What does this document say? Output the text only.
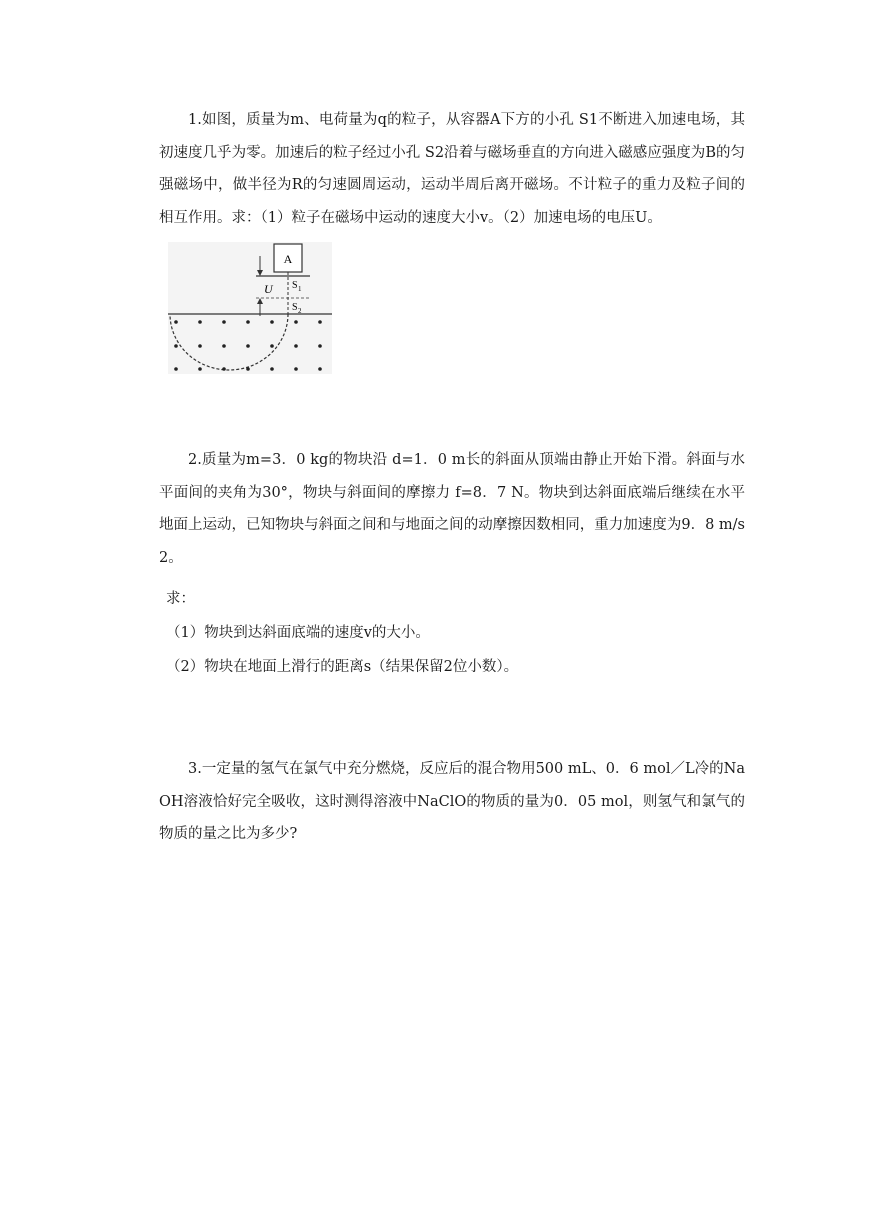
1.如图，质量为m、电荷量为q的粒子，从容器A下方的小孔 S1不断进入加速电场，其初速度几乎为零。加速后的粒子经过小孔 S2沿着与磁场垂直的方向进入磁感应强度为B的匀强磁场中，做半径为R的匀速圆周运动，运动半周后离开磁场。不计粒子的重力及粒子间的相互作用。求：（1）粒子在磁场中运动的速度大小v。（2）加速电场的电压U。

A
U S 1
S 2

2.质量为m=3．0 kg的物块沿 d=1．0 m长的斜面从顶端由静止开始下滑。斜面与水平面间的夹角为30°，物块与斜面间的摩擦力 f=8．7 N。物块到达斜面底端后继续在水平地面上运动，已知物块与斜面之间和与地面之间的动摩擦因数相同，重力加速度为9．8 m/s2。

求：

（1）物块到达斜面底端的速度v的大小。

（2）物块在地面上滑行的距离s（结果保留2位小数）。

3.一定量的氢气在氯气中充分燃烧，反应后的混合物用500 mL、0．6 mol／L冷的NaOH溶液恰好完全吸收，这时测得溶液中NaClO的物质的量为0．05 mol，则氢气和氯气的物质的量之比为多少?
